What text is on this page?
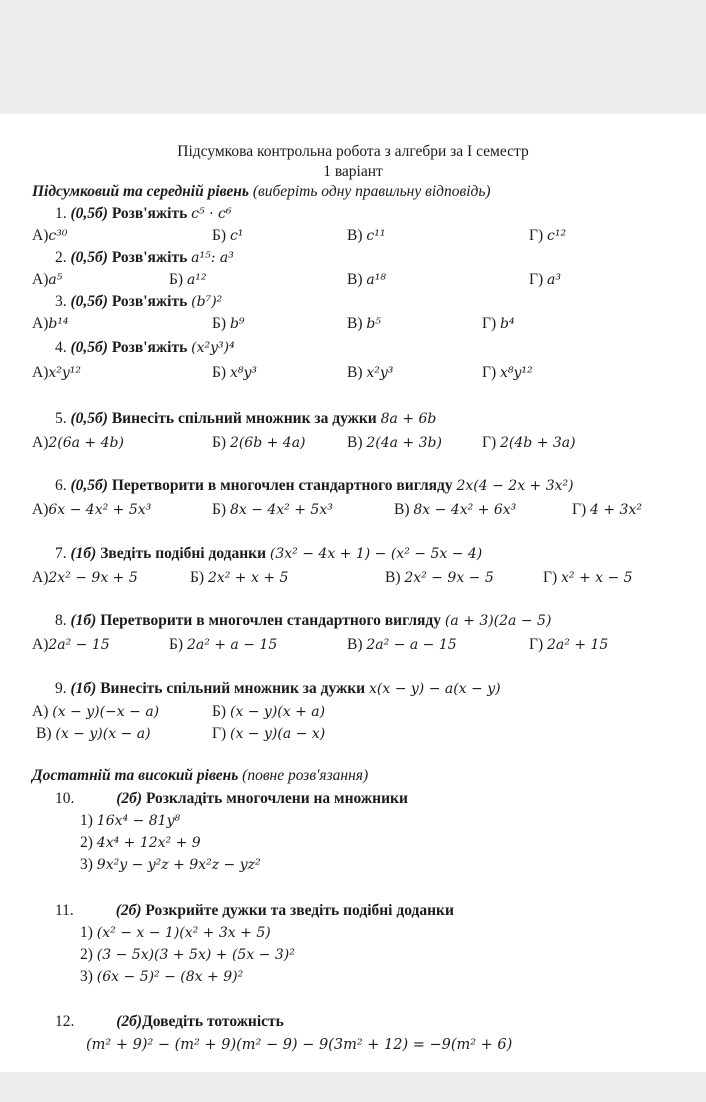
Підсумкова контрольна робота з алгебри за I семестр
1 варіант
Підсумковий та середній рівень (виберіть одну правильну відповідь)
1. (0,5б) Розв'яжіть c⁵ · c⁶
А)c³⁰	Б) c¹	В) c¹¹	Г) c¹²
2. (0,5б) Розв'яжіть a¹⁵: a³
А)a⁵	Б) a¹²	В) a¹⁸	Г) a³
3. (0,5б) Розв'яжіть (b⁷)²
А)b¹⁴	Б) b⁹	В) b⁵	Г) b⁴
4. (0,5б) Розв'яжіть (x²y³)⁴
А)x²y¹²	Б) x⁸y³	В) x²y³	Г) x⁸y¹²
5. (0,5б) Винесіть спільний множник за дужки 8a + 6b
А)2(6a + 4b)	Б) 2(6b + 4a)	В) 2(4a + 3b)	Г) 2(4b + 3a)
6. (0,5б) Перетворити в многочлен стандартного вигляду 2x(4 − 2x + 3x²)
А)6x − 4x² + 5x³	Б) 8x − 4x² + 5x³	В) 8x − 4x² + 6x³	Г) 4 + 3x²
7. (1б) Зведіть подібні доданки (3x² − 4x + 1) − (x² − 5x − 4)
А)2x² − 9x + 5	Б) 2x² + x + 5	В) 2x² − 9x − 5	Г) x² + x − 5
8. (1б) Перетворити в многочлен стандартного вигляду (a + 3)(2a − 5)
А)2a² − 15	Б) 2a² + a − 15	В) 2a² − a − 15	Г) 2a² + 15
9. (1б) Винесіть спільний множник за дужки x(x − y) − a(x − y)
А) (x − y)(−x − a)	Б) (x − y)(x + a)
В) (x − y)(x − a)	Г) (x − y)(a − x)
Достатній та високий рівень (повне розв'язання)
10.	(2б) Розкладіть многочлени на множники
1) 16x⁴ − 81y⁸
2) 4x⁴ + 12x² + 9
3) 9x²y − y²z + 9x²z − yz²
11.	(2б) Розкрийте дужки та зведіть подібні доданки
1) (x² − x − 1)(x² + 3x + 5)
2) (3 − 5x)(3 + 5x) + (5x − 3)²
3) (6x − 5)² − (8x + 9)²
12.	(2б)Доведіть тотожність
(m² + 9)² − (m² + 9)(m² − 9) − 9(3m² + 12) = −9(m² + 6)
